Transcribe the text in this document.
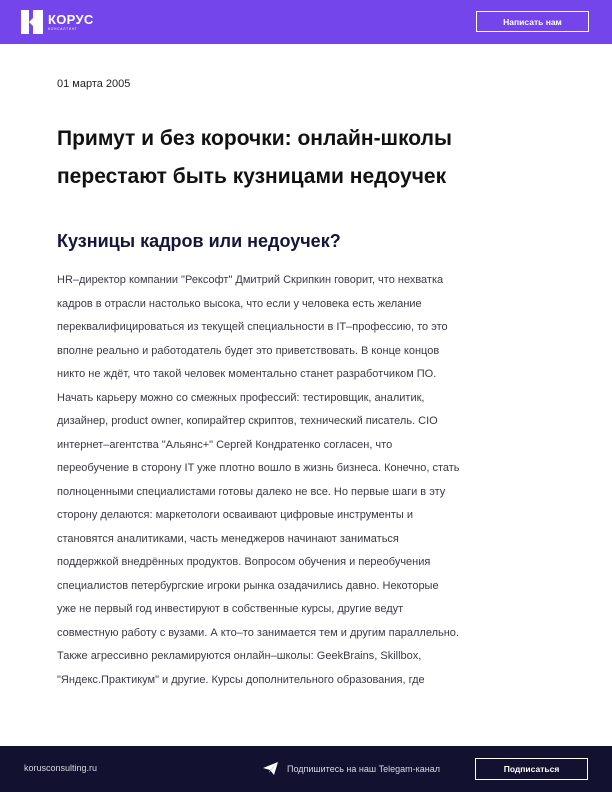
КОРУС
КОНСАЛТИНГ
Написать нам
01 марта 2005
Примут и без корочки: онлайн-школы
перестают быть кузницами недоучек
Кузницы кадров или недоучек?

HR–директор компании "Рексофт" Дмитрий Скрипкин говорит, что нехватка
кадров в отрасли настолько высока, что если у человека есть желание
переквалифицироваться из текущей специальности в IT–профессию, то это
вполне реально и работодатель будет это приветствовать. В конце концов
никто не ждёт, что такой человек моментально станет разработчиком ПО.
Начать карьеру можно со смежных профессий: тестировщик, аналитик,
дизайнер, product owner, копирайтер скриптов, технический писатель. CIO
интернет–агентства "Альянс+" Сергей Кондратенко согласен, что
переобучение в сторону IT уже плотно вошло в жизнь бизнеса. Конечно, стать
полноценными специалистами готовы далеко не все. Но первые шаги в эту
сторону делаются: маркетологи осваивают цифровые инструменты и
становятся аналитиками, часть менеджеров начинают заниматься
поддержкой внедрённых продуктов. Вопросом обучения и переобучения
специалистов петербургские игроки рынка озадачились давно. Некоторые
уже не первый год инвестируют в собственные курсы, другие ведут
совместную работу с вузами. А кто–то занимается тем и другим параллельно.
Также агрессивно рекламируются онлайн–школы: GeekBrains, Skillbox,
"Яндекс.Практикум" и другие. Курсы дополнительного образования, где

korusconsulting.ru	Подпишитесь на наш Telegam-канал	Подписаться
